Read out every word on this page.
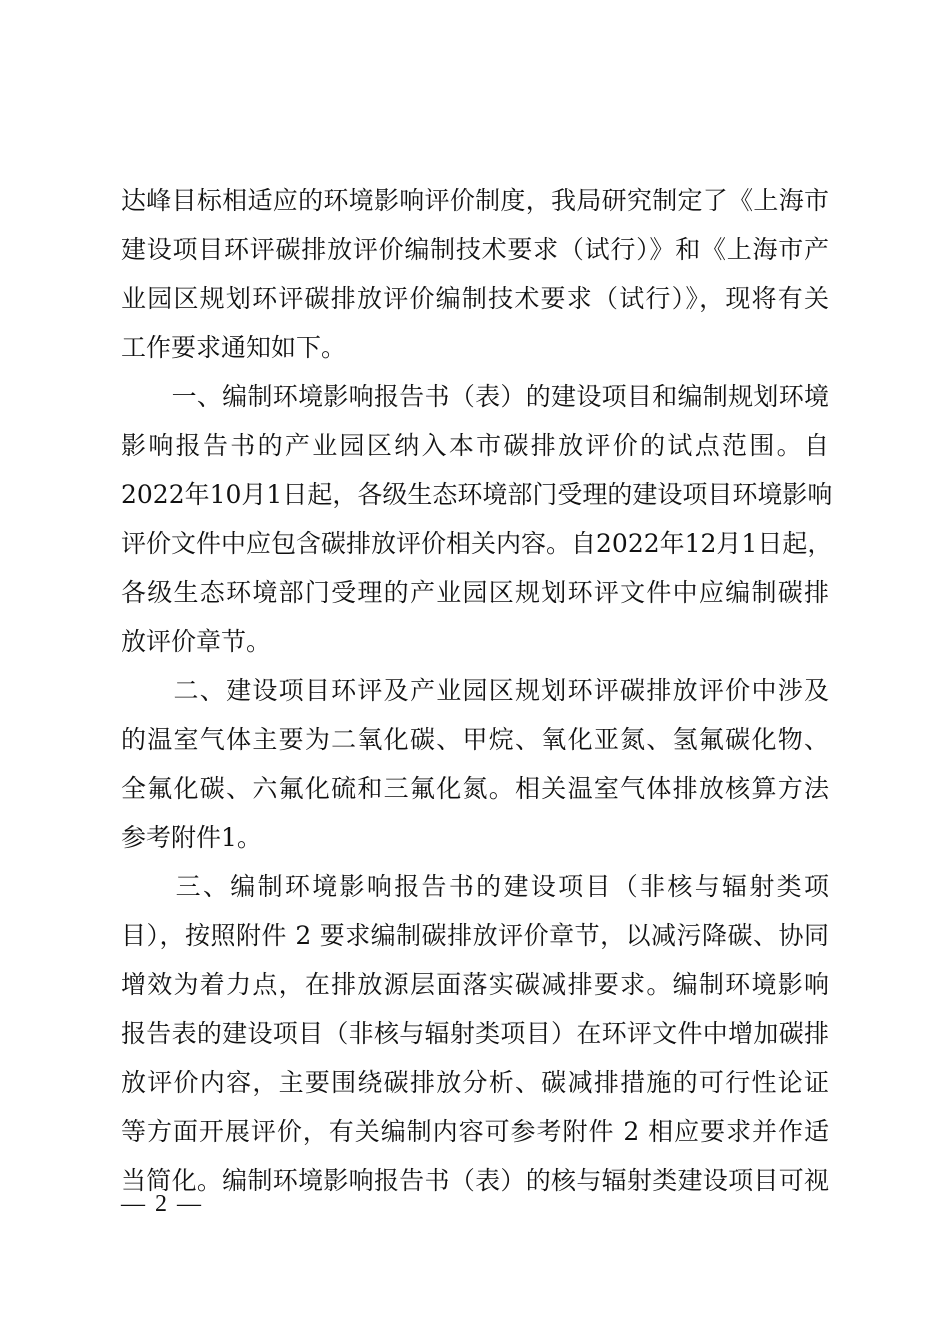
达峰目标相适应的环境影响评价制度，我局研究制定了《上海市
建设项目环评碳排放评价编制技术要求（试行）》和《上海市产
业园区规划环评碳排放评价编制技术要求（试行）》，现将有关
工作要求通知如下。
　　一、编制环境影响报告书（表）的建设项目和编制规划环境
影响报告书的产业园区纳入本市碳排放评价的试点范围。自
2022年10月1日起，各级生态环境部门受理的建设项目环境影响
评价文件中应包含碳排放评价相关内容。自2022年12月1日起，
各级生态环境部门受理的产业园区规划环评文件中应编制碳排
放评价章节。
　　二、建设项目环评及产业园区规划环评碳排放评价中涉及
的温室气体主要为二氧化碳、甲烷、氧化亚氮、氢氟碳化物、
全氟化碳、六氟化硫和三氟化氮。相关温室气体排放核算方法
参考附件1。
　　三、编制环境影响报告书的建设项目（非核与辐射类项
目），按照附件 2 要求编制碳排放评价章节，以减污降碳、协同
增效为着力点，在排放源层面落实碳减排要求。编制环境影响
报告表的建设项目（非核与辐射类项目）在环评文件中增加碳排
放评价内容，主要围绕碳排放分析、碳减排措施的可行性论证
等方面开展评价，有关编制内容可参考附件 2 相应要求并作适
当简化。编制环境影响报告书（表）的核与辐射类建设项目可视
— 2 —
